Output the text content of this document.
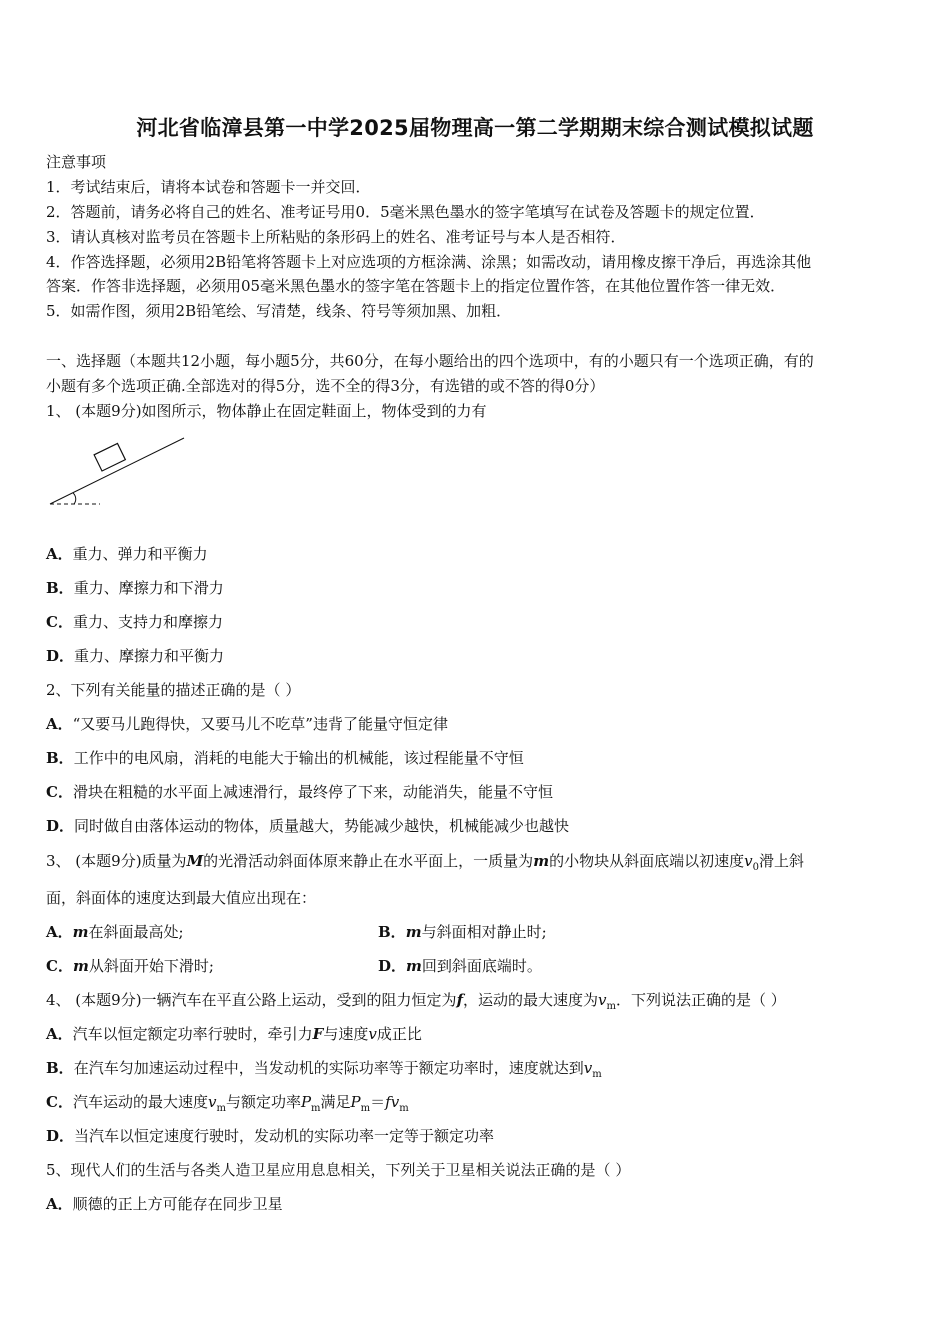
河北省临漳县第一中学2025届物理高一第二学期期末综合测试模拟试题
注意事项
1．考试结束后，请将本试卷和答题卡一并交回．
2．答题前，请务必将自己的姓名、准考证号用0．5毫米黑色墨水的签字笔填写在试卷及答题卡的规定位置．
3．请认真核对监考员在答题卡上所粘贴的条形码上的姓名、准考证号与本人是否相符．
4．作答选择题，必须用2B铅笔将答题卡上对应选项的方框涂满、涂黑；如需改动，请用橡皮擦干净后，再选涂其他
答案．作答非选择题，必须用05毫米黑色墨水的签字笔在答题卡上的指定位置作答，在其他位置作答一律无效．
5．如需作图，须用2B铅笔绘、写清楚，线条、符号等须加黑、加粗．
一、选择题（本题共12小题，每小题5分，共60分，在每小题给出的四个选项中，有的小题只有一个选项正确，有的
小题有多个选项正确.全部选对的得5分，选不全的得3分，有选错的或不答的得0分）
1、 (本题9分)如图所示，物体静止在固定鞋面上，物体受到的力有
A．重力、弹力和平衡力
B．重力、摩擦力和下滑力
C．重力、支持力和摩擦力
D．重力、摩擦力和平衡力
2、下列有关能量的描述正确的是（ ）
A．“又要马儿跑得快，又要马儿不吃草”违背了能量守恒定律
B．工作中的电风扇，消耗的电能大于输出的机械能，该过程能量不守恒
C．滑块在粗糙的水平面上减速滑行，最终停了下来，动能消失，能量不守恒
D．同时做自由落体运动的物体，质量越大，势能减少越快，机械能减少也越快
3、 (本题9分)质量为M的光滑活动斜面体原来静止在水平面上，一质量为m的小物块从斜面底端以初速度$v_0$滑上斜
面，斜面体的速度达到最大值应出现在：
A．m在斜面最高处;	B．m与斜面相对静止时;
C．m从斜面开始下滑时;	D．m回到斜面底端时。
4、 (本题9分)一辆汽车在平直公路上运动，受到的阻力恒定为f，运动的最大速度为$v_m$．下列说法正确的是（ ）
A．汽车以恒定额定功率行驶时，牵引力F与速度v成正比
B．在汽车匀加速运动过程中，当发动机的实际功率等于额定功率时，速度就达到$v_m$
C．汽车运动的最大速度$v_m$与额定功率$P_m$满足$P_m=fv_m$
D．当汽车以恒定速度行驶时，发动机的实际功率一定等于额定功率
5、现代人们的生活与各类人造卫星应用息息相关，下列关于卫星相关说法正确的是（ ）
A．顺德的正上方可能存在同步卫星
